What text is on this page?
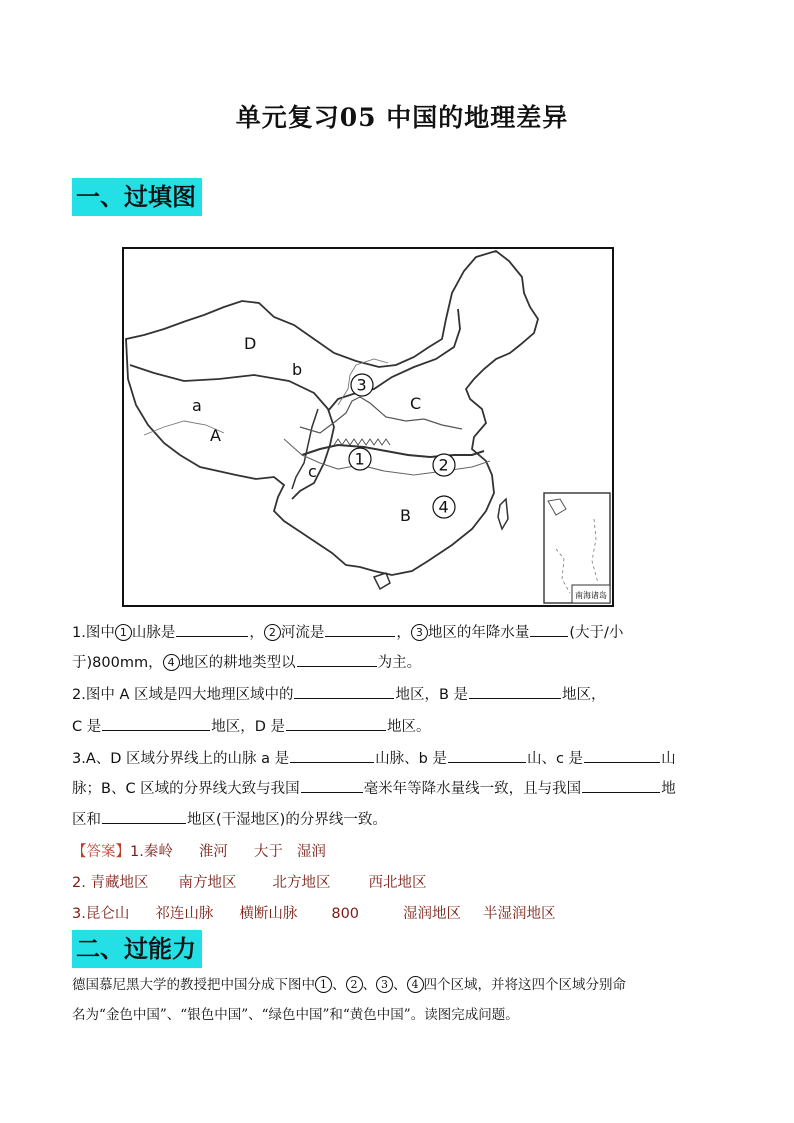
单元复习05 中国的地理差异
一、过填图
南海诸岛
D
b
a
A
c
C
B
3
1	2
4
1.图中 1 山脉是	， 2 河流是	， 3 地区的年降水量	(大于/小
于)800mm， 4 地区的耕地类型以	为主。
2.图中 A 区域是四大地理区域中的	地区，B 是	地区，
C 是	地区，D 是	地区。
3.A、D 区域分界线上的山脉 a 是	山脉、b 是	山、c 是	山
脉；B、C 区域的分界线大致与我国	毫米年等降水量线一致，且与我国	地
区和	地区(干湿地区)的分界线一致。
【答案】1.秦岭 淮河 大于 湿润
2. 青藏地区 南方地区 北方地区	西北地区
3.昆仑山 祁连山脉 横断山脉 800	湿润地区 半湿润地区
二、过能力
德国慕尼黑大学的教授把中国分成下图中 1 、 2 、 3 、 4 四个区域，并将这四个区域分别命
名为“金色中国”、“银色中国”、“绿色中国”和“黄色中国”。读图完成问题。
